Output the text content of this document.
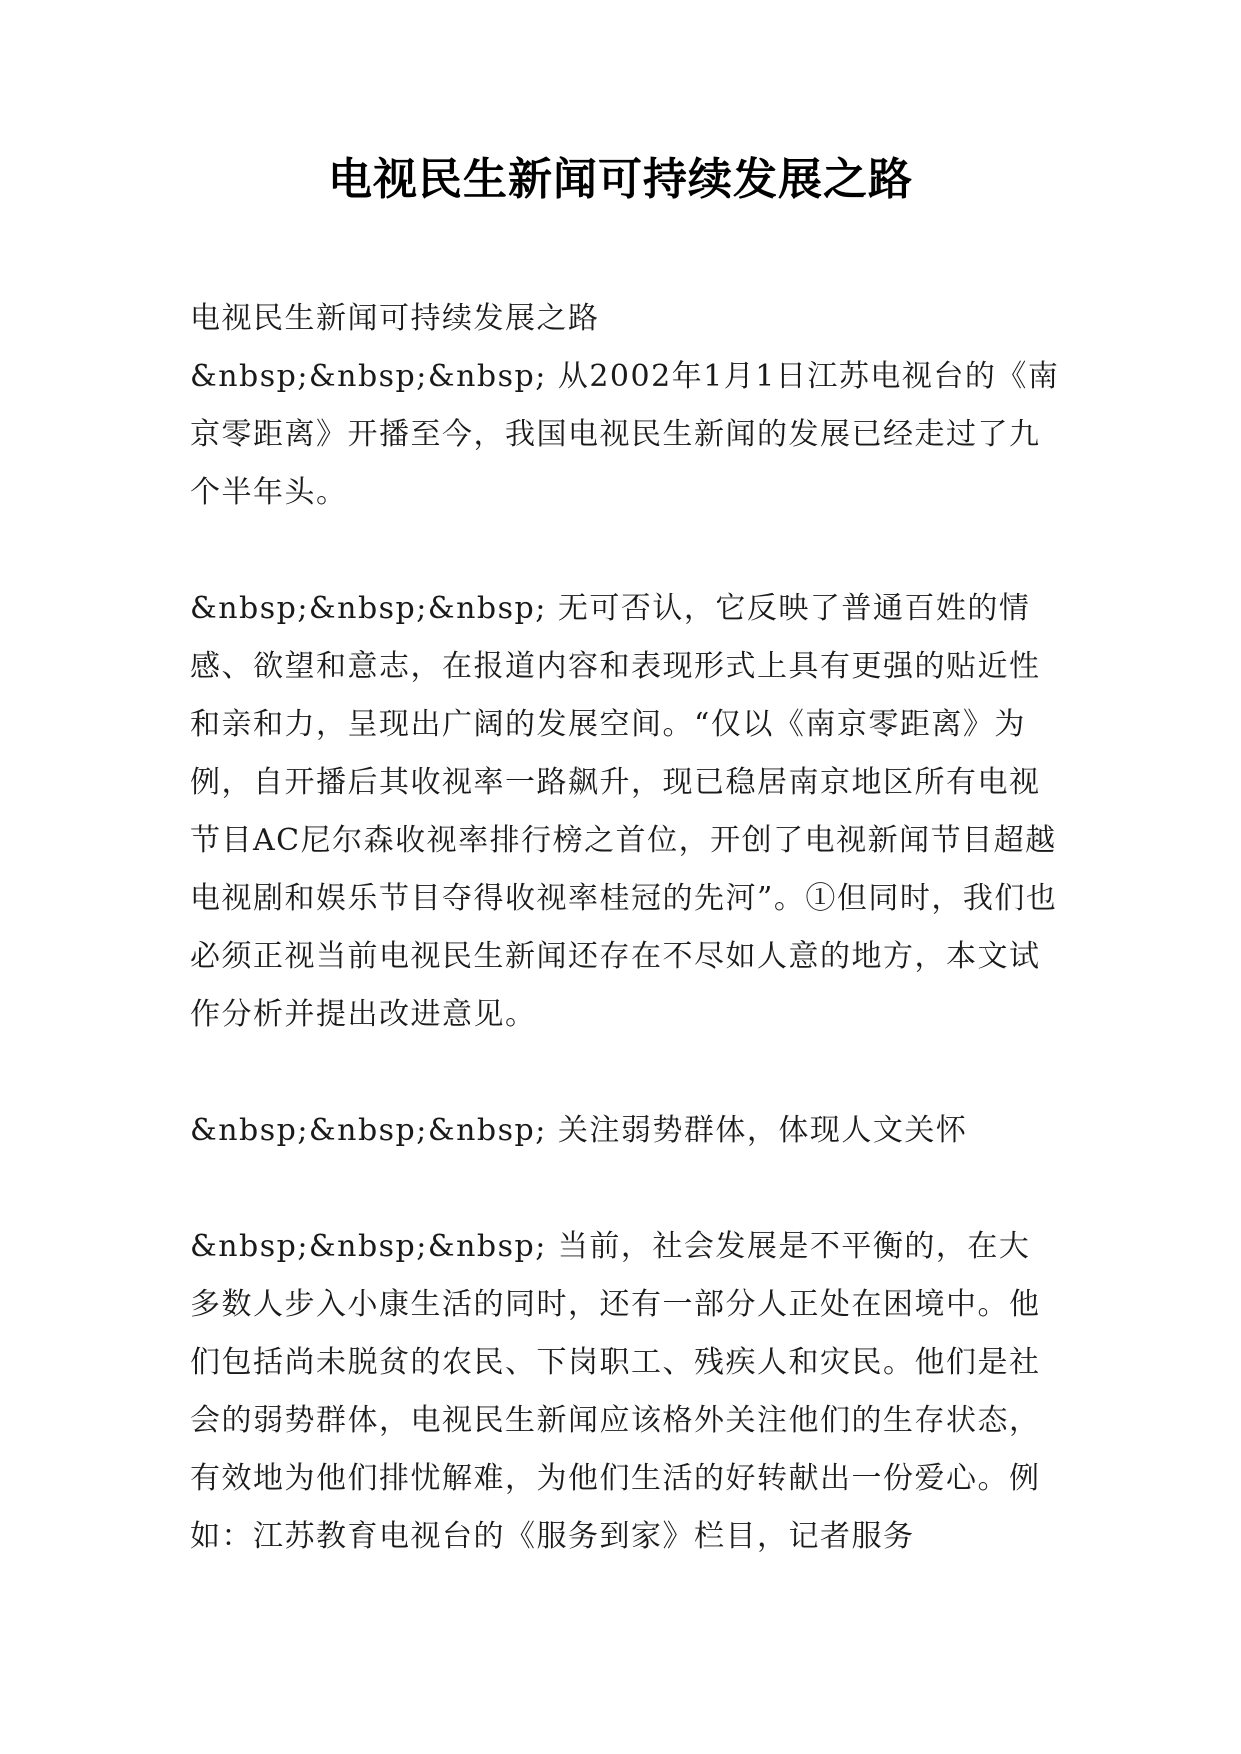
电视民生新闻可持续发展之路

电视民生新闻可持续发展之路

&nbsp;&nbsp;&nbsp; 从2002年1月1日江苏电视台的《南京零距离》开播至今，我国电视民生新闻的发展已经走过了九个半年头。

&nbsp;&nbsp;&nbsp; 无可否认，它反映了普通百姓的情感、欲望和意志，在报道内容和表现形式上具有更强的贴近性和亲和力，呈现出广阔的发展空间。“仅以《南京零距离》为例，自开播后其收视率一路飙升，现已稳居南京地区所有电视节目AC尼尔森收视率排行榜之首位，开创了电视新闻节目超越电视剧和娱乐节目夺得收视率桂冠的先河”。①但同时，我们也必须正视当前电视民生新闻还存在不尽如人意的地方，本文试作分析并提出改进意见。

&nbsp;&nbsp;&nbsp; 关注弱势群体，体现人文关怀

&nbsp;&nbsp;&nbsp; 当前，社会发展是不平衡的，在大多数人步入小康生活的同时，还有一部分人正处在困境中。他们包括尚未脱贫的农民、下岗职工、残疾人和灾民。他们是社会的弱势群体，电视民生新闻应该格外关注他们的生存状态，有效地为他们排忧解难，为他们生活的好转献出一份爱心。例如：江苏教育电视台的《服务到家》栏目，记者服务
